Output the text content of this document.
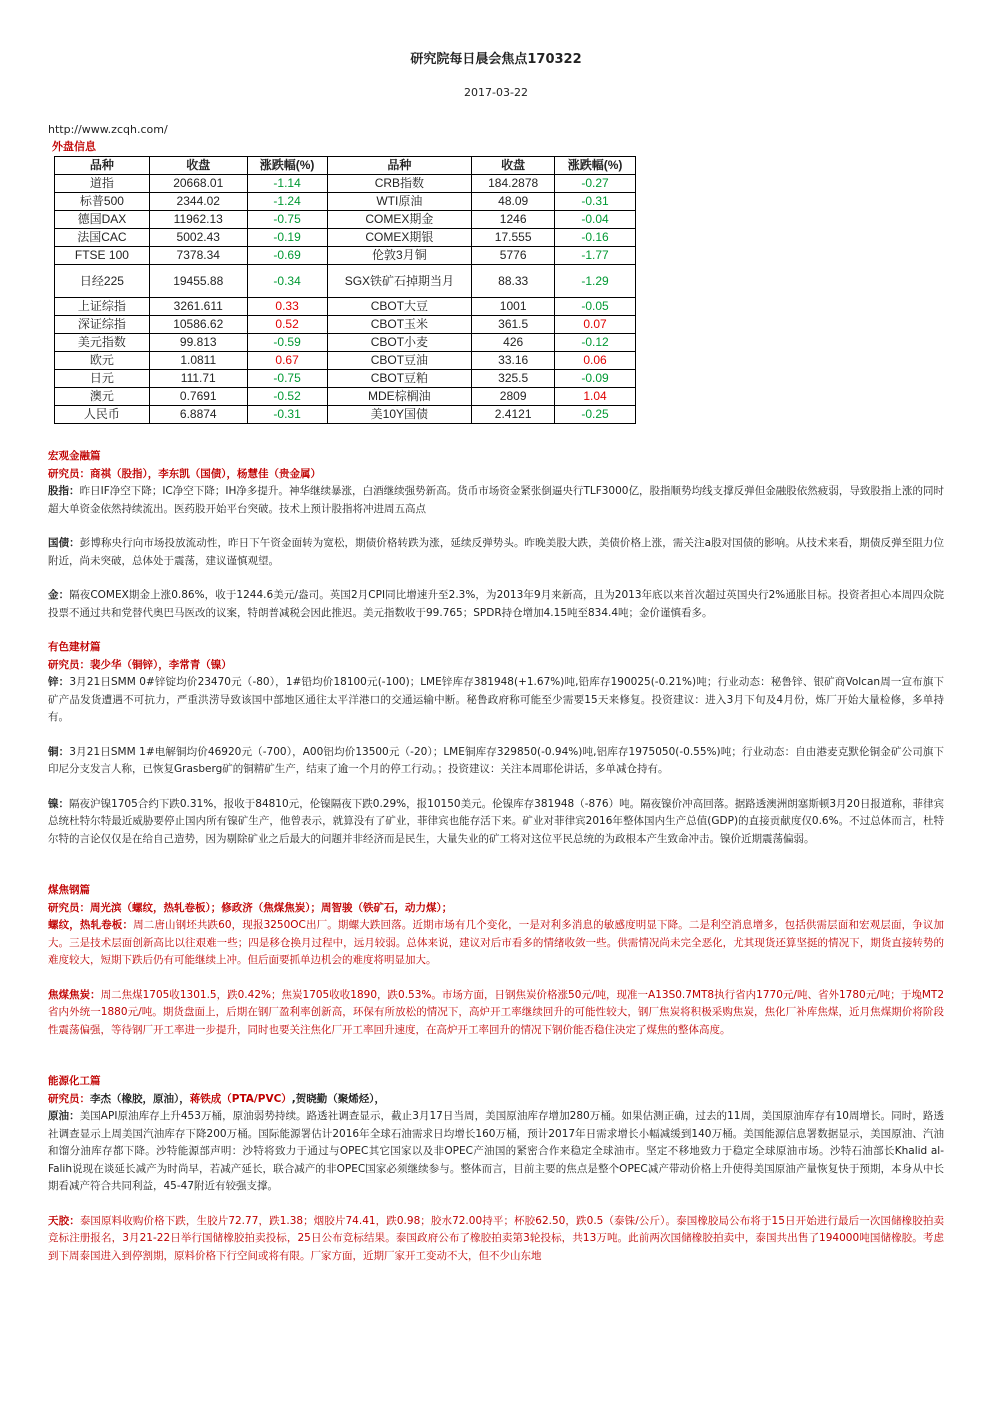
研究院每日晨会焦点170322
2017-03-22
http://www.zcqh.com/
外盘信息
品种	收盘	涨跌幅(%)	品种	收盘	涨跌幅(%)
道指	20668.01	-1.14	CRB指数	184.2878	-0.27
标普500	2344.02	-1.24	WTI原油	48.09	-0.31
德国DAX	11962.13	-0.75	COMEX期金	1246	-0.04
法国CAC	5002.43	-0.19	COMEX期银	17.555	-0.16
FTSE 100	7378.34	-0.69	伦敦3月铜	5776	-1.77
日经225	19455.88	-0.34	SGX铁矿石掉期当月	88.33	-1.29
上证综指	3261.611	0.33	CBOT大豆	1001	-0.05
深证综指	10586.62	0.52	CBOT玉米	361.5	0.07
美元指数	99.813	-0.59	CBOT小麦	426	-0.12
欧元	1.0811	0.67	CBOT豆油	33.16	0.06
日元	111.71	-0.75	CBOT豆粕	325.5	-0.09
澳元	0.7691	-0.52	MDE棕榈油	2809	1.04
人民币	6.8874	-0.31	美10Y国债	2.4121	-0.25
宏观金融篇
研究员：商祺（股指），李东凯（国债），杨慧佳（贵金属）

股指：昨日IF净空下降；IC净空下降；IH净多提升。神华继续暴涨，白酒继续强势新高。货币市场资金紧张倒逼央行TLF3000亿，股指顺势均线支撑反弹但金融股依然疲弱，导致股指上涨的同时超大单资金依然持续流出。医药股开始平台突破。技术上预计股指将冲进周五高点

国债：彭博称央行向市场投放流动性，昨日下午资金面转为宽松，期债价格转跌为涨，延续反弹势头。昨晚美股大跌，美债价格上涨，需关注a股对国债的影响。从技术来看，期债反弹至阻力位附近，尚未突破，总体处于震荡，建议谨慎观望。

金：隔夜COMEX期金上涨0.86%，收于1244.6美元/盎司。英国2月CPI同比增速升至2.3%，为2013年9月来新高，且为2013年底以来首次超过英国央行2%通胀目标。投资者担心本周四众院投票不通过共和党替代奥巴马医改的议案，特朗普减税会因此推迟。美元指数收于99.765；SPDR持仓增加4.15吨至834.4吨；金价谨慎看多。

有色建材篇
研究员：裴少华（铜锌），李常青（镍）

锌：3月21日SMM 0#锌锭均价23470元（-80），1#铅均价18100元(-100)；LME锌库存381948(+1.67%)吨,铅库存190025(-0.21%)吨；行业动态：秘鲁锌、银矿商Volcan周一宣布旗下矿产品发货遭遇不可抗力，严重洪涝导致该国中部地区通往太平洋港口的交通运输中断。秘鲁政府称可能至少需要15天来修复。投资建议：进入3月下旬及4月份，炼厂开始大量检修，多单持有。

铜：3月21日SMM 1#电解铜均价46920元（-700），A00铝均价13500元（-20）；LME铜库存329850(-0.94%)吨,铝库存1975050(-0.55%)吨；行业动态：自由港麦克默伦铜金矿公司旗下印尼分支发言人称，已恢复Grasberg矿的铜精矿生产，结束了逾一个月的停工行动。；投资建议：关注本周耶伦讲话，多单减仓持有。

镍：隔夜沪镍1705合约下跌0.31%，报收于84810元，伦镍隔夜下跌0.29%，报10150美元。伦镍库存381948（-876）吨。隔夜镍价冲高回落。据路透澳洲朗塞斯顿3月20日报道称，菲律宾总统杜特尔特最近威胁要停止国内所有镍矿生产，他曾表示，就算没有了矿业，菲律宾也能存活下来。矿业对菲律宾2016年整体国内生产总值(GDP)的直接贡献度仅0.6%。不过总体而言，杜特尔特的言论仅仅是在给自己造势，因为剔除矿业之后最大的问题并非经济而是民生，大量失业的矿工将对这位平民总统的为政根本产生致命冲击。镍价近期震荡偏弱。

煤焦钢篇
研究员：周光滨（螺纹，热轧卷板）；修政济（焦煤焦炭）；周智骏（铁矿石，动力煤）；

螺纹，热轧卷板：周二唐山钢坯共跌60，现报3250OC出厂。期螺大跌回落。近期市场有几个变化，一是对利多消息的敏感度明显下降。二是利空消息增多，包括供需层面和宏观层面，争议加大。三是技术层面创新高比以往艰难一些；四是移仓换月过程中，远月较弱。总体来说，建议对后市看多的情绪收敛一些。供需情况尚未完全恶化，尤其现货还算坚挺的情况下，期货直接转势的难度较大，短期下跌后仍有可能继续上冲。但后面要抓单边机会的难度将明显加大。

焦煤焦炭：周二焦煤1705收1301.5，跌0.42%；焦炭1705收收1890，跌0.53%。市场方面，日钢焦炭价格涨50元/吨，现准一A13S0.7MT8执行省内1770元/吨、省外1780元/吨；于堍MT2省内外统一1880元/吨。期货盘面上，后期在钢厂盈利率创新高，环保有所放松的情况下，高炉开工率继续回升的可能性较大，钢厂焦炭将积极采购焦炭，焦化厂补库焦煤，近月焦煤期价将阶段性震荡偏强，等待钢厂开工率进一步提升，同时也要关注焦化厂开工率回升速度，在高炉开工率回升的情况下钢价能否稳住决定了煤焦的整体高度。

能源化工篇
研究员：李杰（橡胶，原油），蒋铁成（PTA/PVC）,贺晓勤（聚烯烃），

原油：美国API原油库存上升453万桶，原油弱势持续。路透社调查显示，截止3月17日当周，美国原油库存增加280万桶。如果估测正确，过去的11周，美国原油库存有10周增长。同时，路透社调查显示上周美国汽油库存下降200万桶。国际能源署估计2016年全球石油需求日均增长160万桶，预计2017年日需求增长小幅减缓到140万桶。美国能源信息署数据显示，美国原油、汽油和馏分油库存都下降。沙特能源部声明：沙特将致力于通过与OPEC其它国家以及非OPEC产油国的紧密合作来稳定全球油市。坚定不移地致力于稳定全球原油市场。沙特石油部长Khalid al- Falih说现在谈延长减产为时尚早，若减产延长，联合减产的非OPEC国家必须继续参与。整体而言，目前主要的焦点是整个OPEC减产带动价格上升使得美国原油产量恢复快于预期，本身从中长期看减产符合共同利益，45-47附近有较强支撑。

天胶：泰国原料收购价格下跌，生胶片72.77，跌1.38；烟胶片74.41，跌0.98；胶水72.00持平；杯胶62.50，跌0.5（泰铢/公斤）。泰国橡胶局公布将于15日开始进行最后一次国储橡胶拍卖竞标注册报名，3月21-22日举行国储橡胶拍卖投标，25日公布竞标结果。泰国政府公布了橡胶拍卖第3轮投标，共13万吨。此前两次国储橡胶拍卖中，泰国共出售了194000吨国储橡胶。考虑到下周泰国进入到停割期，原料价格下行空间或将有限。厂家方面，近期厂家开工变动不大，但不少山东地
